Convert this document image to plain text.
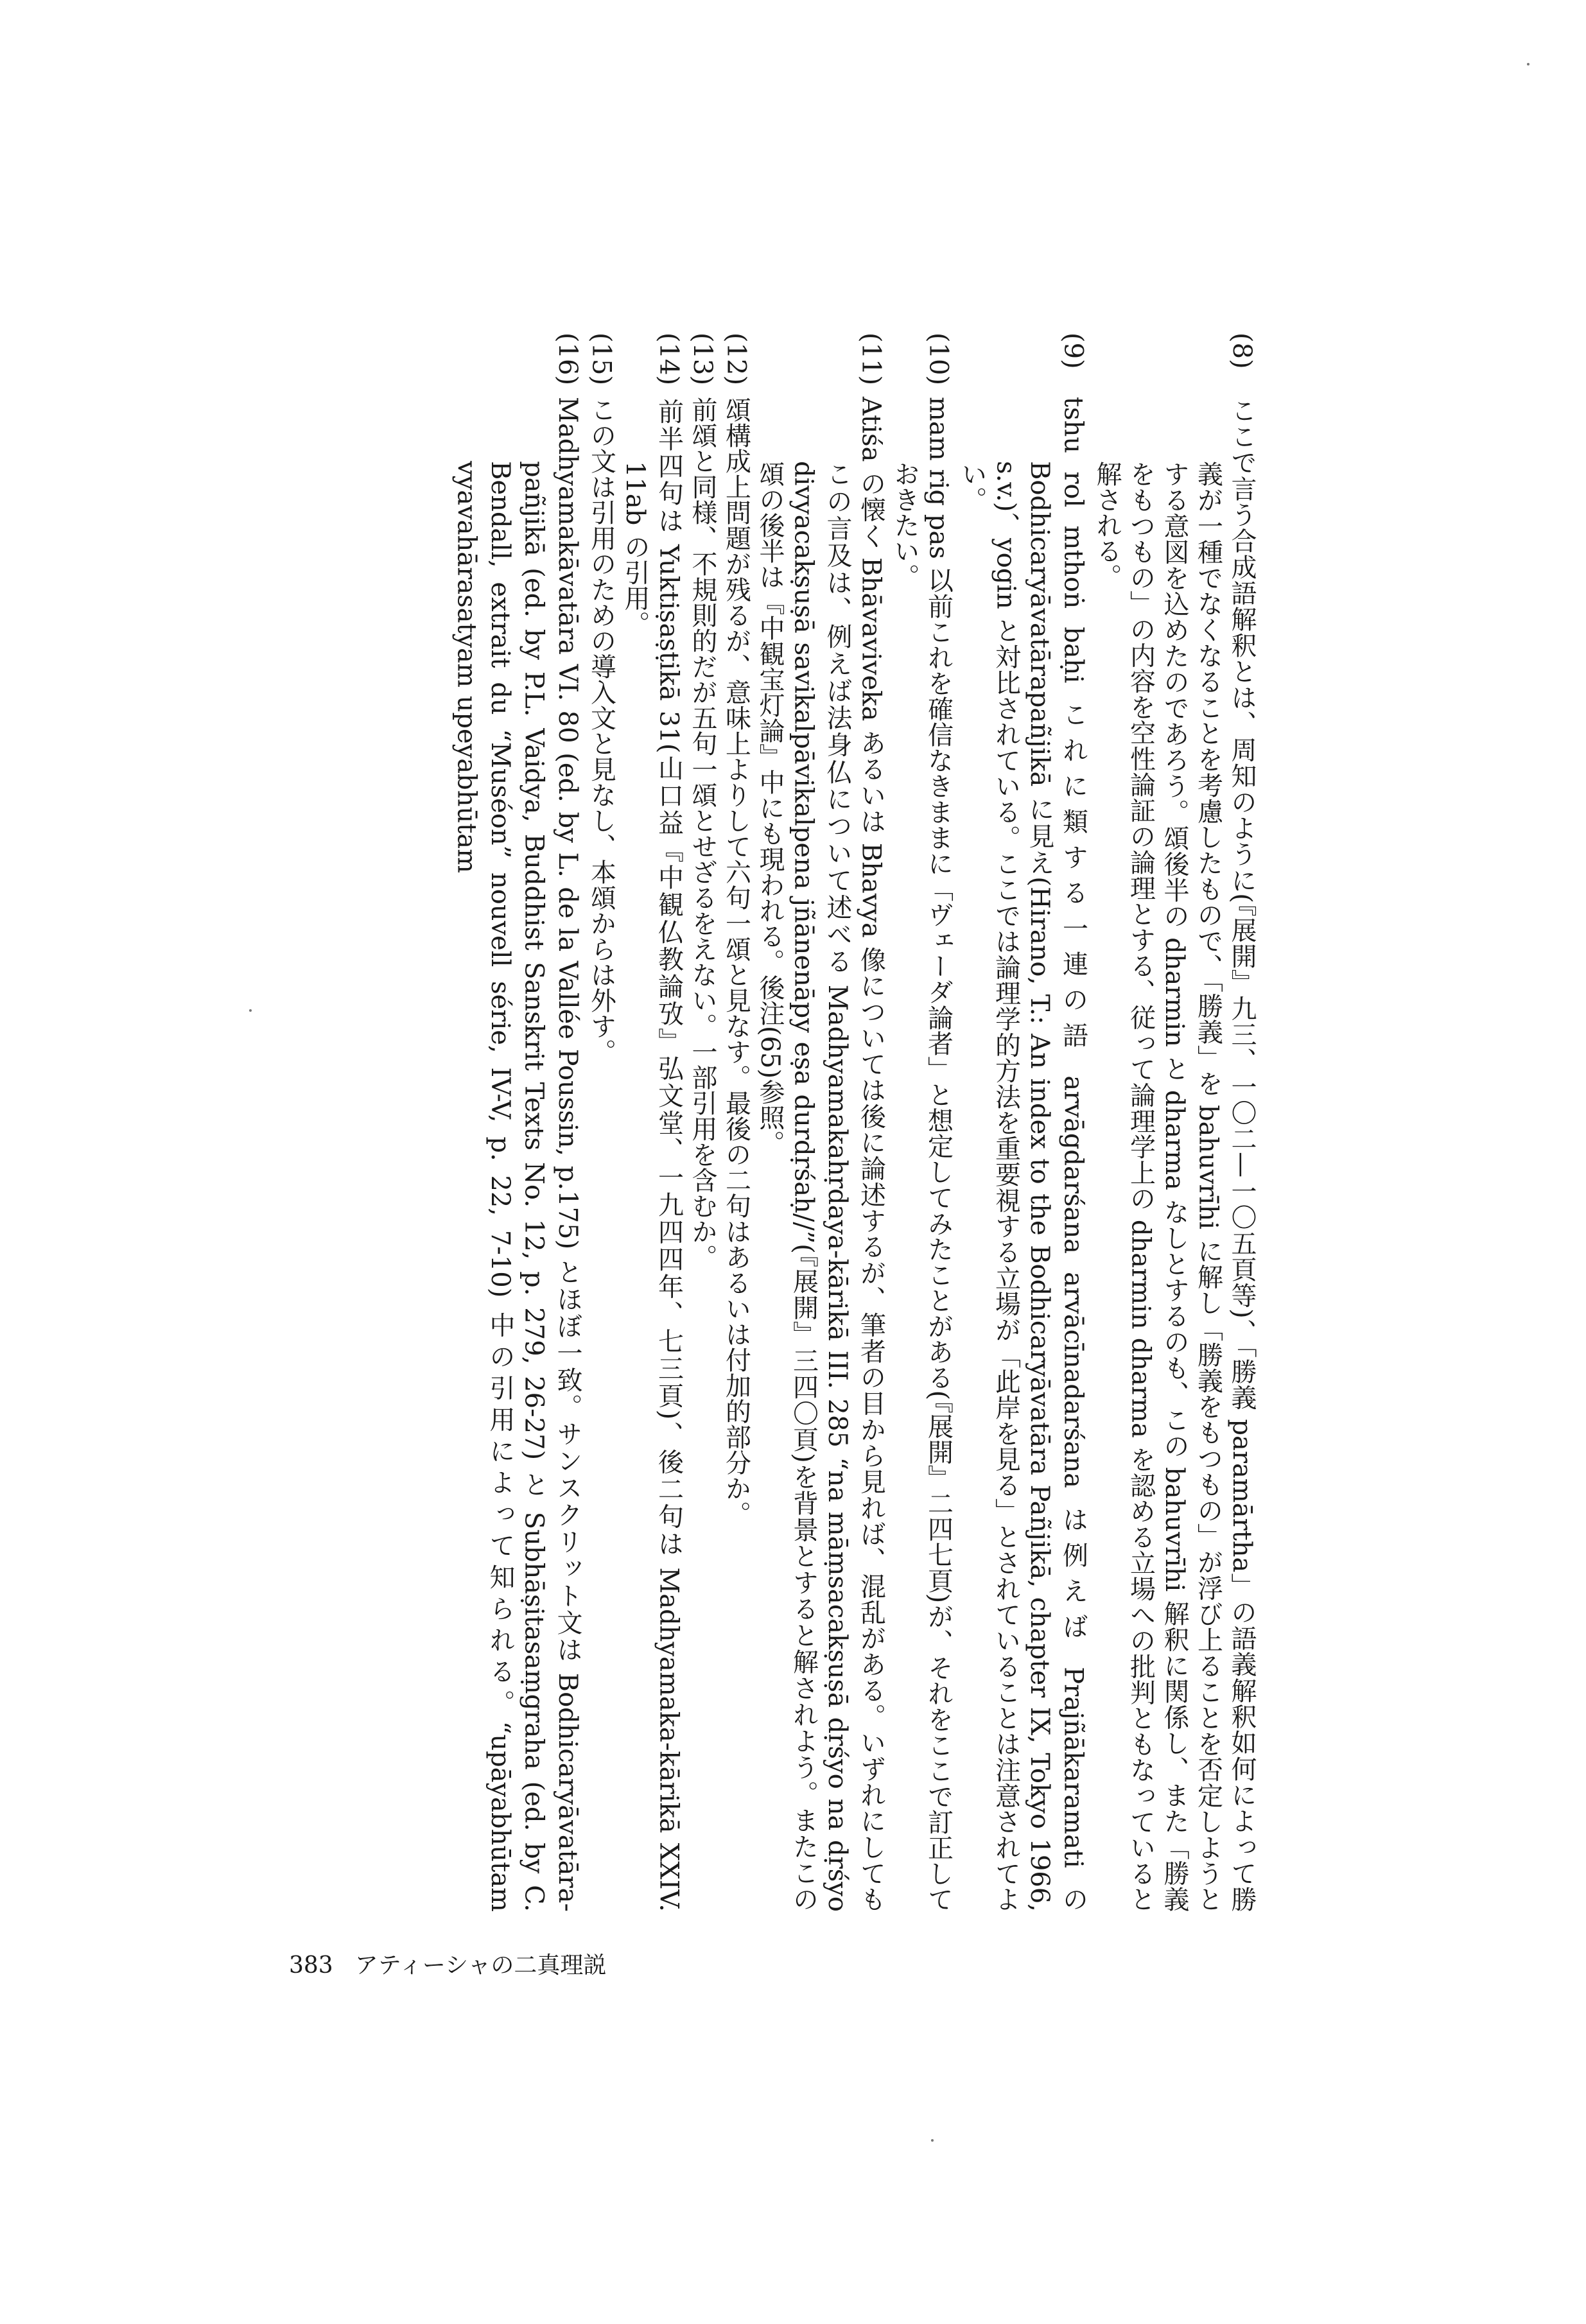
(8)ここで言う合成語解釈とは、周知のように(『展開』九三、一〇二—一〇五頁等)、「勝義 paramārtha」の語義解釈如何によって勝義が一種でなくなることを考慮したもので、「勝義」を bahuvrīhi に解し「勝義をもつもの」が浮び上ることを否定しようとする意図を込めたのであろう。頌後半の dharmin と dharma なしとするのも、この bahuvrīhi 解釈に関係し、また「勝義をもつもの」の内容を空性論証の論理とする、従って論理学上の dharmin dharma を認める立場への批判ともなっていると解される。

(9)tshu rol mthoṅ baḥi これに類する一連の語 arvāgdarśana arvācīnadarśana は例えば Prajñākaramati の Bodhicaryāvatārapañjikā に見え(Hirano, T.: An index to the Bodhicaryāvatāra Pañjikā, chapter IX, Tokyo 1966, s.v.)、yogin と対比されている。ここでは論理学的方法を重要視する立場が「此岸を見る」とされていることは注意されてよい。

(10)mam rig pas 以前これを確信なきままに「ヴェーダ論者」と想定してみたことがある(『展開』二四七頁)が、それをここで訂正しておきたい。

(11)Atiśa の懐く Bhāvaviveka あるいは Bhavya 像については後に論述するが、筆者の目から見れば、混乱がある。いずれにしてもこの言及は、例えば法身仏について述べる Madhyamakahṛdaya-kārikā III. 285 “na māṃsacakṣuṣā dṛśyo na dṛśyo divyacakṣuṣā savikalpāvikalpena jñānenāpy eṣa durdṛśaḥ//”(『展開』三四〇頁)を背景とすると解されよう。またこの頌の後半は『中観宝灯論』中にも現われる。後注(65)参照。

(12)頌構成上問題が残るが、意味上よりして六句一頌と見なす。最後の二句はあるいは付加的部分か。

(13)前頌と同様、不規則的だが五句一頌とせざるをえない。一部引用を含むか。

(14)前半四句は Yuktiṣaṣṭikā 31(山口益『中観仏教論攷』弘文堂、一九四四年、七三頁)、後二句は Madhyamaka-kārikā XXIV. 11ab の引用。

(15)この文は引用のための導入文と見なし、本頌からは外す。

(16)Madhyamakāvatāra VI. 80 (ed. by L. de la Vallée Poussin, p.175) とほぼ一致。サンスクリット文は Bodhicaryāvatāra-pañjikā (ed. by P.L. Vaidya, Buddhist Sanskrit Texts No. 12, p. 279, 26-27) と Subhāṣitasaṃgraha (ed. by C. Bendall, extrait du “Muséon” nouvell série, IV-V, p. 22, 7-10) 中の引用によって知られる。“upāyabhūtam vyavahārasatyam upeyabhūtam

383 アティーシャの二真理説
